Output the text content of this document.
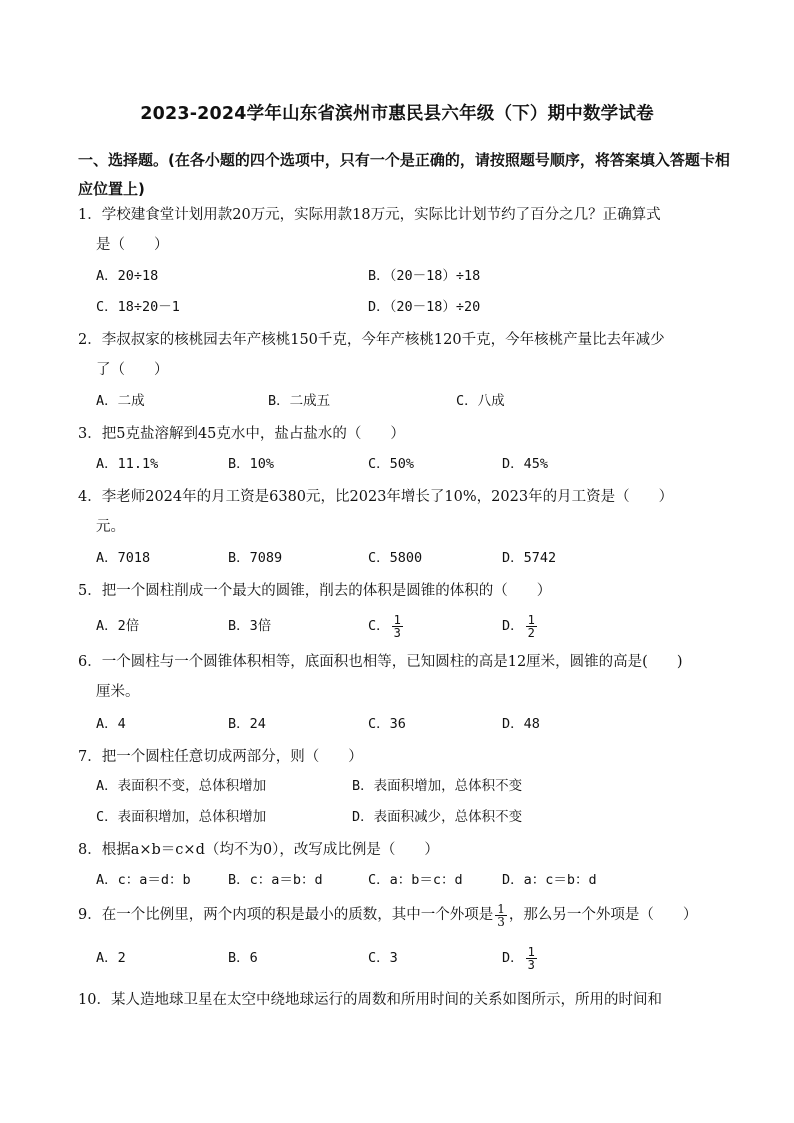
2023-2024学年山东省滨州市惠民县六年级（下）期中数学试卷
一、选择题。(在各小题的四个选项中，只有一个是正确的，请按照题号顺序，将答案填入答题卡相应位置上)
1．学校建食堂计划用款20万元，实际用款18万元，实际比计划节约了百分之几？正确算式
是（　　）
A．20÷18	B．（20－18）÷18
C．18÷20－1	D．（20－18）÷20
2．李叔叔家的核桃园去年产核桃150千克，今年产核桃120千克，今年核桃产量比去年减少
了（　　）
A．二成	B．二成五	C．八成
3．把5克盐溶解到45克水中，盐占盐水的（　　）
A．11.1%	B．10%	C．50%	D．45%
4．李老师2024年的月工资是6380元，比2023年增长了10%，2023年的月工资是（　　）
元。
A．7018	B．7089	C．5800	D．5742
5．把一个圆柱削成一个最大的圆锥，削去的体积是圆锥的体积的（　　）
A．2倍	B．3倍	C． $\frac{1}{3}$	D． $\frac{1}{2}$
6．一个圆柱与一个圆锥体积相等，底面积也相等，已知圆柱的高是12厘米，圆锥的高是(　　)
厘米。
A．4	B．24	C．36	D．48
7．把一个圆柱任意切成两部分，则（　　）
A．表面积不变，总体积增加	B．表面积增加，总体积不变
C．表面积增加，总体积增加	D．表面积减少，总体积不变
8．根据a×b＝c×d（均不为0），改写成比例是（　　）
A．c：a＝d：b	B．c：a＝b：d	C．a：b＝c：d	D．a：c＝b：d
9．在一个比例里，两个内项的积是最小的质数，其中一个外项是 $\frac{1}{3}$ ，那么另一个外项是（　　）
A．2	B．6	C．3	D． $\frac{1}{3}$
10．某人造地球卫星在太空中绕地球运行的周数和所用时间的关系如图所示，所用的时间和
